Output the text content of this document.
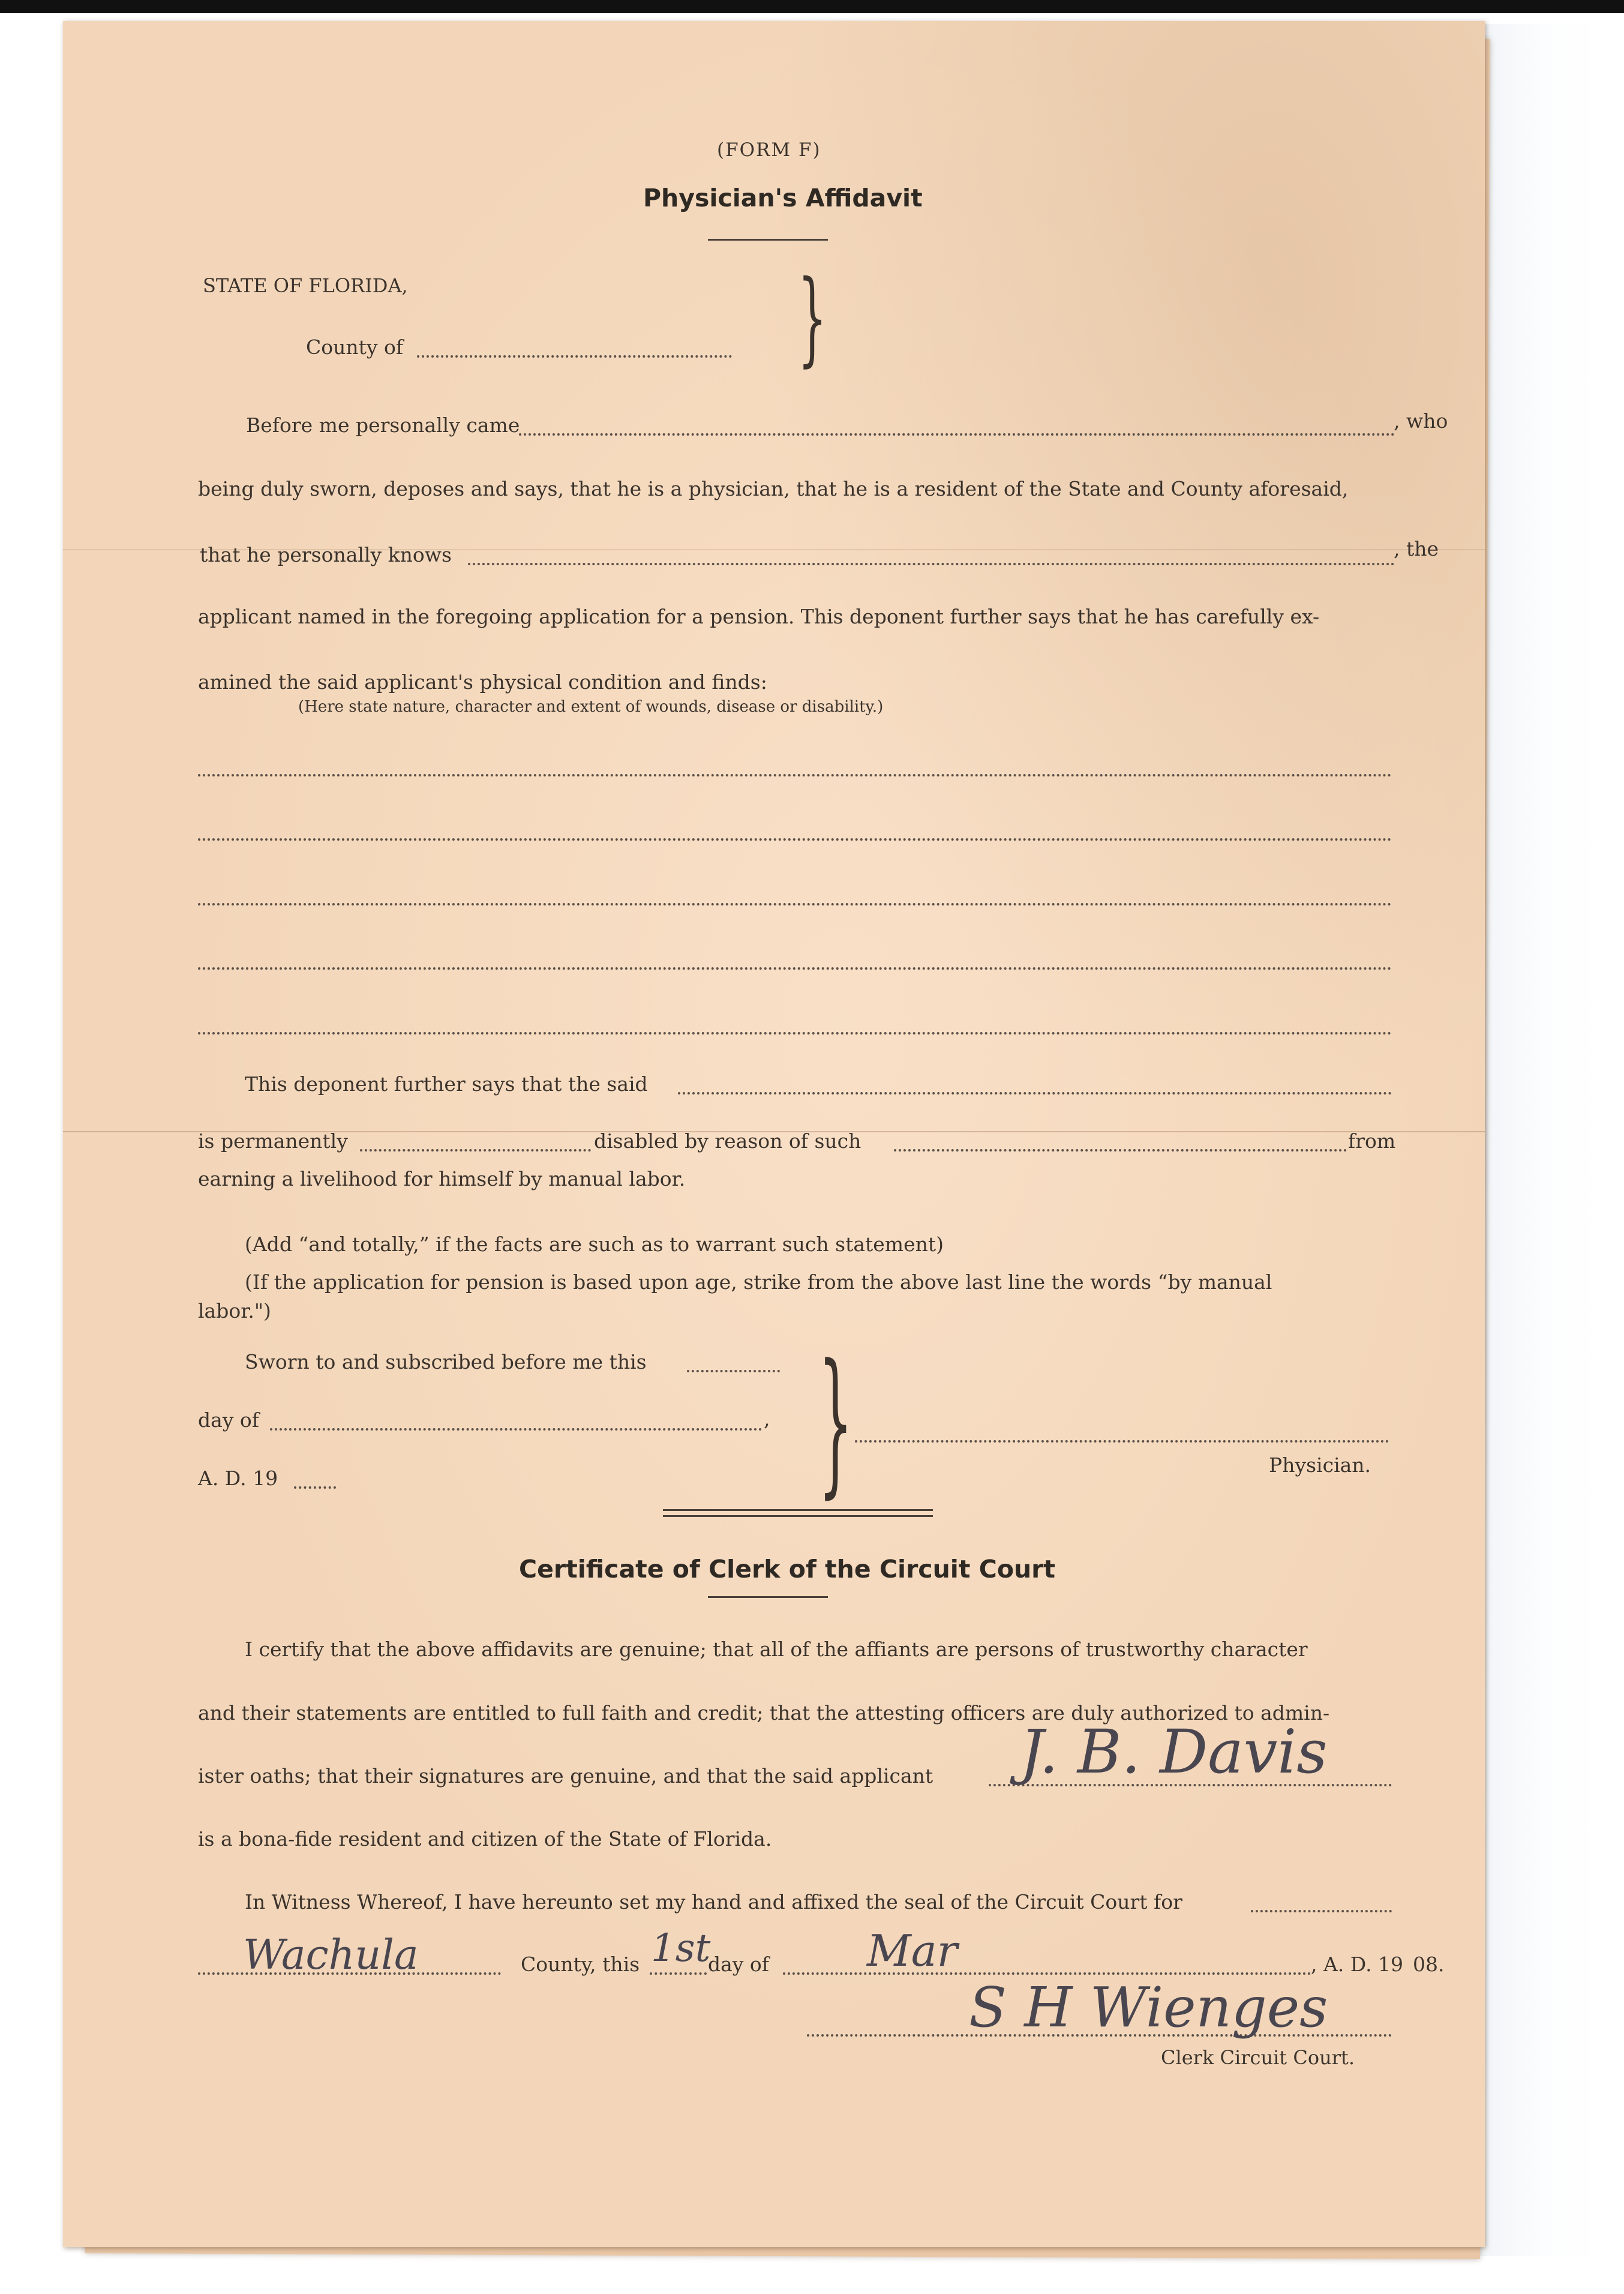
(FORM F)
Physician's Affidavit
STATE OF FLORIDA,
County of	}
Before me personally came	, who
being duly sworn, deposes and says, that he is a physician, that he is a resident of the State and County aforesaid,
that he personally knows	, the
applicant named in the foregoing application for a pension. This deponent further says that he has carefully ex-
amined the said applicant's physical condition and finds:
(Here state nature, character and extent of wounds, disease or disability.)
This deponent further says that the said
is permanently	disabled by reason of such	from
earning a livelihood for himself by manual labor.
(Add “and totally,” if the facts are such as to warrant such statement)
(If the application for pension is based upon age, strike from the above last line the words “by manual
labor.")
Sworn to and subscribed before me this
day of	,
A. D. 19	}	Physician.
Certificate of Clerk of the Circuit Court
I certify that the above affidavits are genuine; that all of the affiants are persons of trustworthy character
and their statements are entitled to full faith and credit; that the attesting officers are duly authorized to admin-
ister oaths; that their signatures are genuine, and that the said applicant J. B. Davis
is a bona-fide resident and citizen of the State of Florida.
In Witness Whereof, I have hereunto set my hand and affixed the seal of the Circuit Court for
Wachula	County, this 1st
day of Mar	, A. D. 19 08.
S H Wienges
Clerk Circuit Court.
